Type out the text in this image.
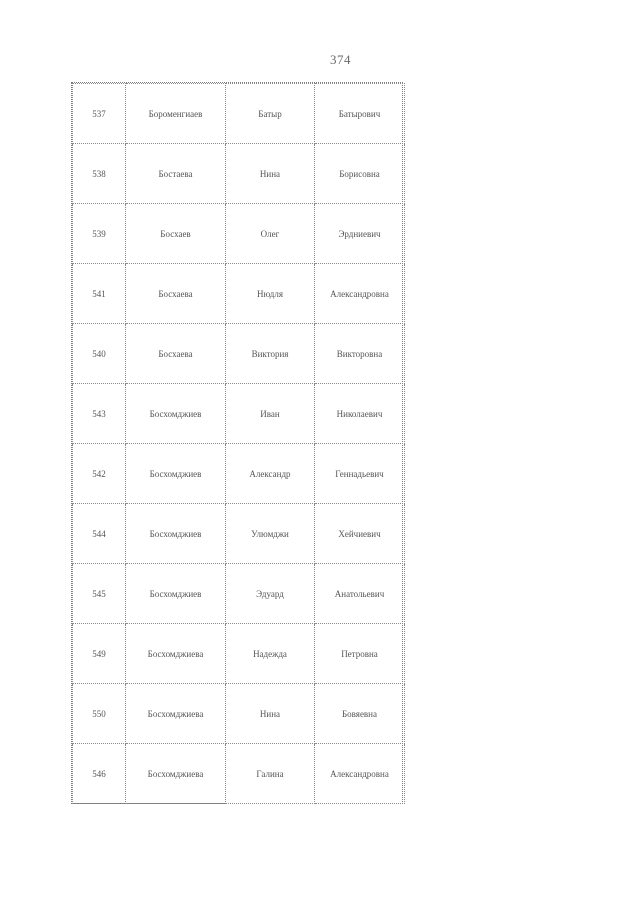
374
537	Бороменгиаев	Батыр	Батырович
538	Бостаева	Нина	Борисовна
539	Босхаев	Олег	Эрдниевич
541	Босхаева	Нюдля	Александровна
540	Босхаева	Виктория	Викторовна
543	Босхомджиев	Иван	Николаевич
542	Босхомджиев	Александр	Геннадьевич
544	Босхомджиев	Улюмджи	Хейчиевич
545	Босхомджиев	Эдуард	Анатольевич
549	Босхомджиева	Надежда	Петровна
550	Босхомджиева	Нина	Бовяевна
546	Босхомджиева	Галина	Александровна
